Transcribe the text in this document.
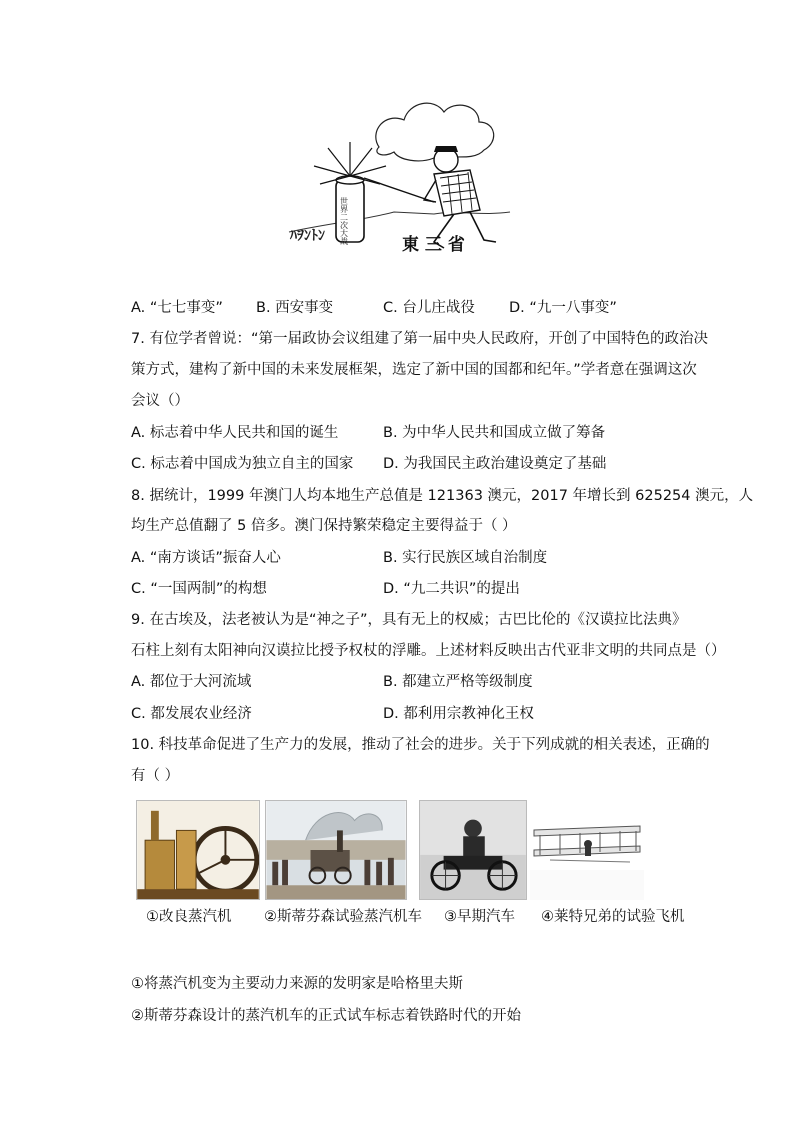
ﾊｦﾝﾄﾝ 世界二次大战	東 三 省
A. “七七事变” B. 西安事变	C. 台儿庄战役 D. “九一八事变”
7. 有位学者曾说：“第一届政协会议组建了第一届中央人民政府，开创了中国特色的政治决
策方式，建构了新中国的未来发展框架，选定了新中国的国都和纪年。”学者意在强调这次
会议（）
A. 标志着中华人民共和国的诞生	B. 为中华人民共和国成立做了筹备
C. 标志着中国成为独立自主的国家 D. 为我国民主政治建设奠定了基础
8. 据统计，1999 年澳门人均本地生产总值是 121363 澳元，2017 年增长到 625254 澳元，人
均生产总值翻了 5 倍多。澳门保持繁荣稳定主要得益于（ ）
A. “南方谈话”振奋人心	B. 实行民族区域自治制度
C. “一国两制”的构想	D. “九二共识”的提出
9. 在古埃及，法老被认为是“神之子”，具有无上的权威；古巴比伦的《汉谟拉比法典》
石柱上刻有太阳神向汉谟拉比授予权杖的浮雕。上述材料反映出古代亚非文明的共同点是（）
A. 都位于大河流域	B. 都建立严格等级制度
C. 都发展农业经济	D. 都利用宗教神化王权
10. 科技革命促进了生产力的发展，推动了社会的进步。关于下列成就的相关表述，正确的
有（ ）
①改良蒸汽机 ②斯蒂芬森试验蒸汽机车 ③早期汽车 ④莱特兄弟的试验飞机
①将蒸汽机变为主要动力来源的发明家是哈格里夫斯
②斯蒂芬森设计的蒸汽机车的正式试车标志着铁路时代的开始
